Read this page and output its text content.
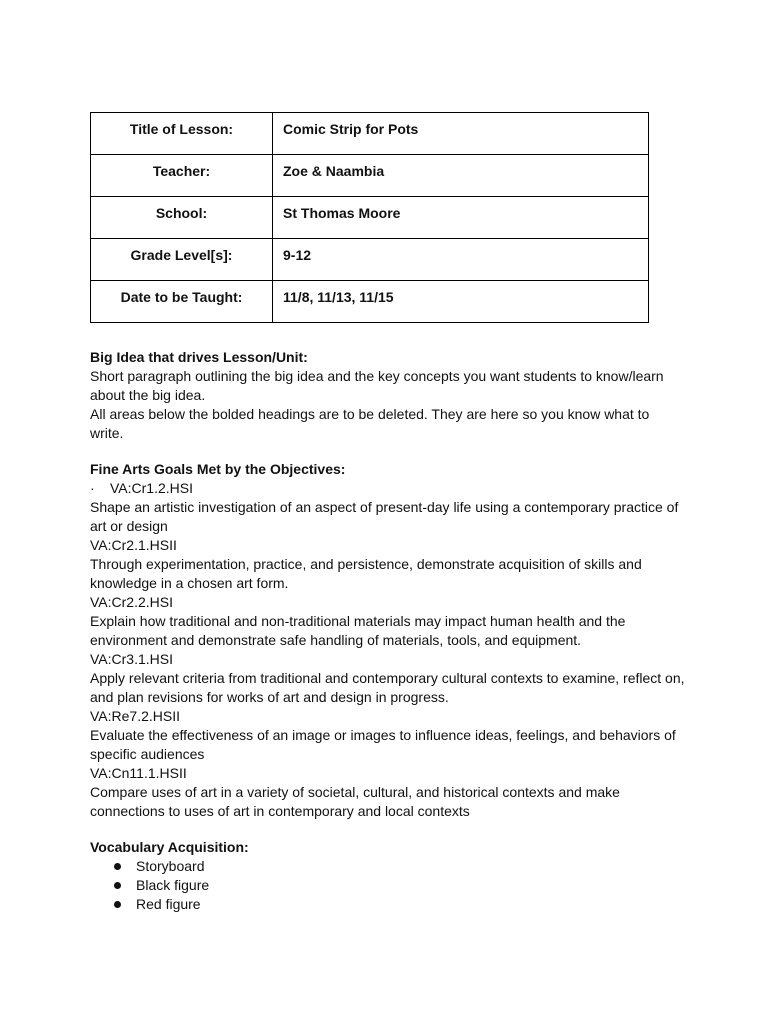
Title of Lesson:	Comic Strip for Pots
Teacher:	Zoe & Naambia
School:	St Thomas Moore
Grade Level[s]:	9-12
Date to be Taught:	11/8, 11/13, 11/15

Big Idea that drives Lesson/Unit:

Short paragraph outlining the big idea and the key concepts you want students to know/learn

about the big idea.

All areas below the bolded headings are to be deleted. They are here so you know what to

write.

Fine Arts Goals Met by the Objectives:

· VA:Cr1.2.HSI

Shape an artistic investigation of an aspect of present-day life using a contemporary practice of

art or design

VA:Cr2.1.HSII

Through experimentation, practice, and persistence, demonstrate acquisition of skills and

knowledge in a chosen art form.

VA:Cr2.2.HSI

Explain how traditional and non-traditional materials may impact human health and the

environment and demonstrate safe handling of materials, tools, and equipment.

VA:Cr3.1.HSI

Apply relevant criteria from traditional and contemporary cultural contexts to examine, reflect on,

and plan revisions for works of art and design in progress.

VA:Re7.2.HSII

Evaluate the effectiveness of an image or images to influence ideas, feelings, and behaviors of

specific audiences

VA:Cn11.1.HSII

Compare uses of art in a variety of societal, cultural, and historical contexts and make

connections to uses of art in contemporary and local contexts

Vocabulary Acquisition:

Storyboard
Black figure
Red figure
